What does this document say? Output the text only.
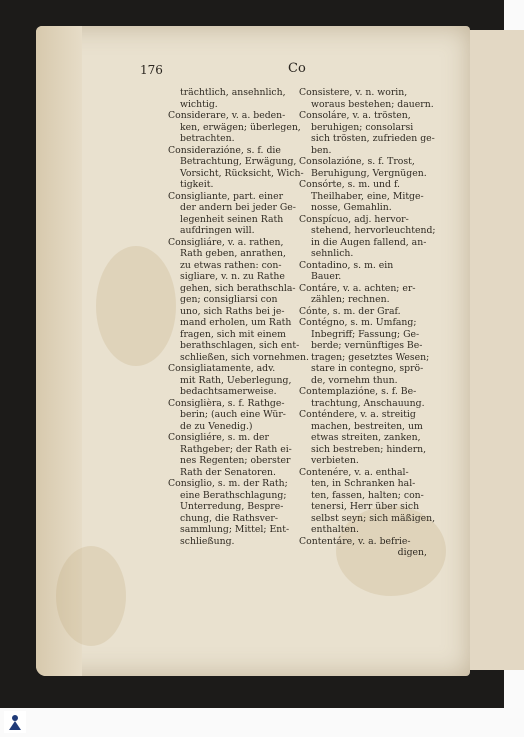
176	Co
trächtlich, ansehnlich,
wichtig.
Considerare, v. a. beden-
ken, erwägen; überlegen,
betrachten.
Considerazióne, s. f. die
Betrachtung, Erwägung,
Vorsicht, Rücksicht, Wich-
tigkeit.
Consigliante, part. einer
der andern bei jeder Ge-
legenheit seinen Rath
aufdringen will.
Consigliáre, v. a. rathen,
Rath geben, anrathen,
zu etwas rathen: con-
sigliare, v. n. zu Rathe
gehen, sich berathschla-
gen; consigliarsi con
uno, sich Raths bei je-
mand erholen, um Rath
fragen, sich mit einem
berathschlagen, sich ent-
schließen, sich vornehmen.
Consigliatamente, adv.
mit Rath, Ueberlegung,
bedachtsamerweise.
Consiglièra, s. f. Rathge-
berin; (auch eine Wür-
de zu Venedig.)
Consigliére, s. m. der
Rathgeber; der Rath ei-
nes Regenten; oberster
Rath der Senatoren.
Consiglio, s. m. der Rath;
eine Berathschlagung;
Unterredung, Bespre-
chung, die Rathsver-
sammlung; Mittel; Ent-
schließung.
Consistere, v. n. worin,
woraus bestehen; dauern.
Consoláre, v. a. trösten,
beruhigen; consolarsi
sich trösten, zufrieden ge-
ben.
Consolazióne, s. f. Trost,
Beruhigung, Vergnügen.
Consórte, s. m. und f.
Theilhaber, eine, Mitge-
nosse, Gemahlin.
Conspícuo, adj. hervor-
stehend, hervorleuchtend;
in die Augen fallend, an-
sehnlich.
Contadino, s. m. ein
Bauer.
Contáre, v. a. achten; er-
zählen; rechnen.
Cónte, s. m. der Graf.
Contégno, s. m. Umfang;
Inbegriff; Fassung; Ge-
berde; vernünftiges Be-
tragen; gesetztes Wesen;
stare in contegno, sprö-
de, vornehm thun.
Contemplazióne, s. f. Be-
trachtung, Anschauung.
Conténdere, v. a. streitig
machen, bestreiten, um
etwas streiten, zanken,
sich bestreben; hindern,
verbieten.
Contenére, v. a. enthal-
ten, in Schranken hal-
ten, fassen, halten; con-
tenersi, Herr über sich
selbst seyn; sich mäßigen,
enthalten.
Contentáre, v. a. befrie-
digen,
